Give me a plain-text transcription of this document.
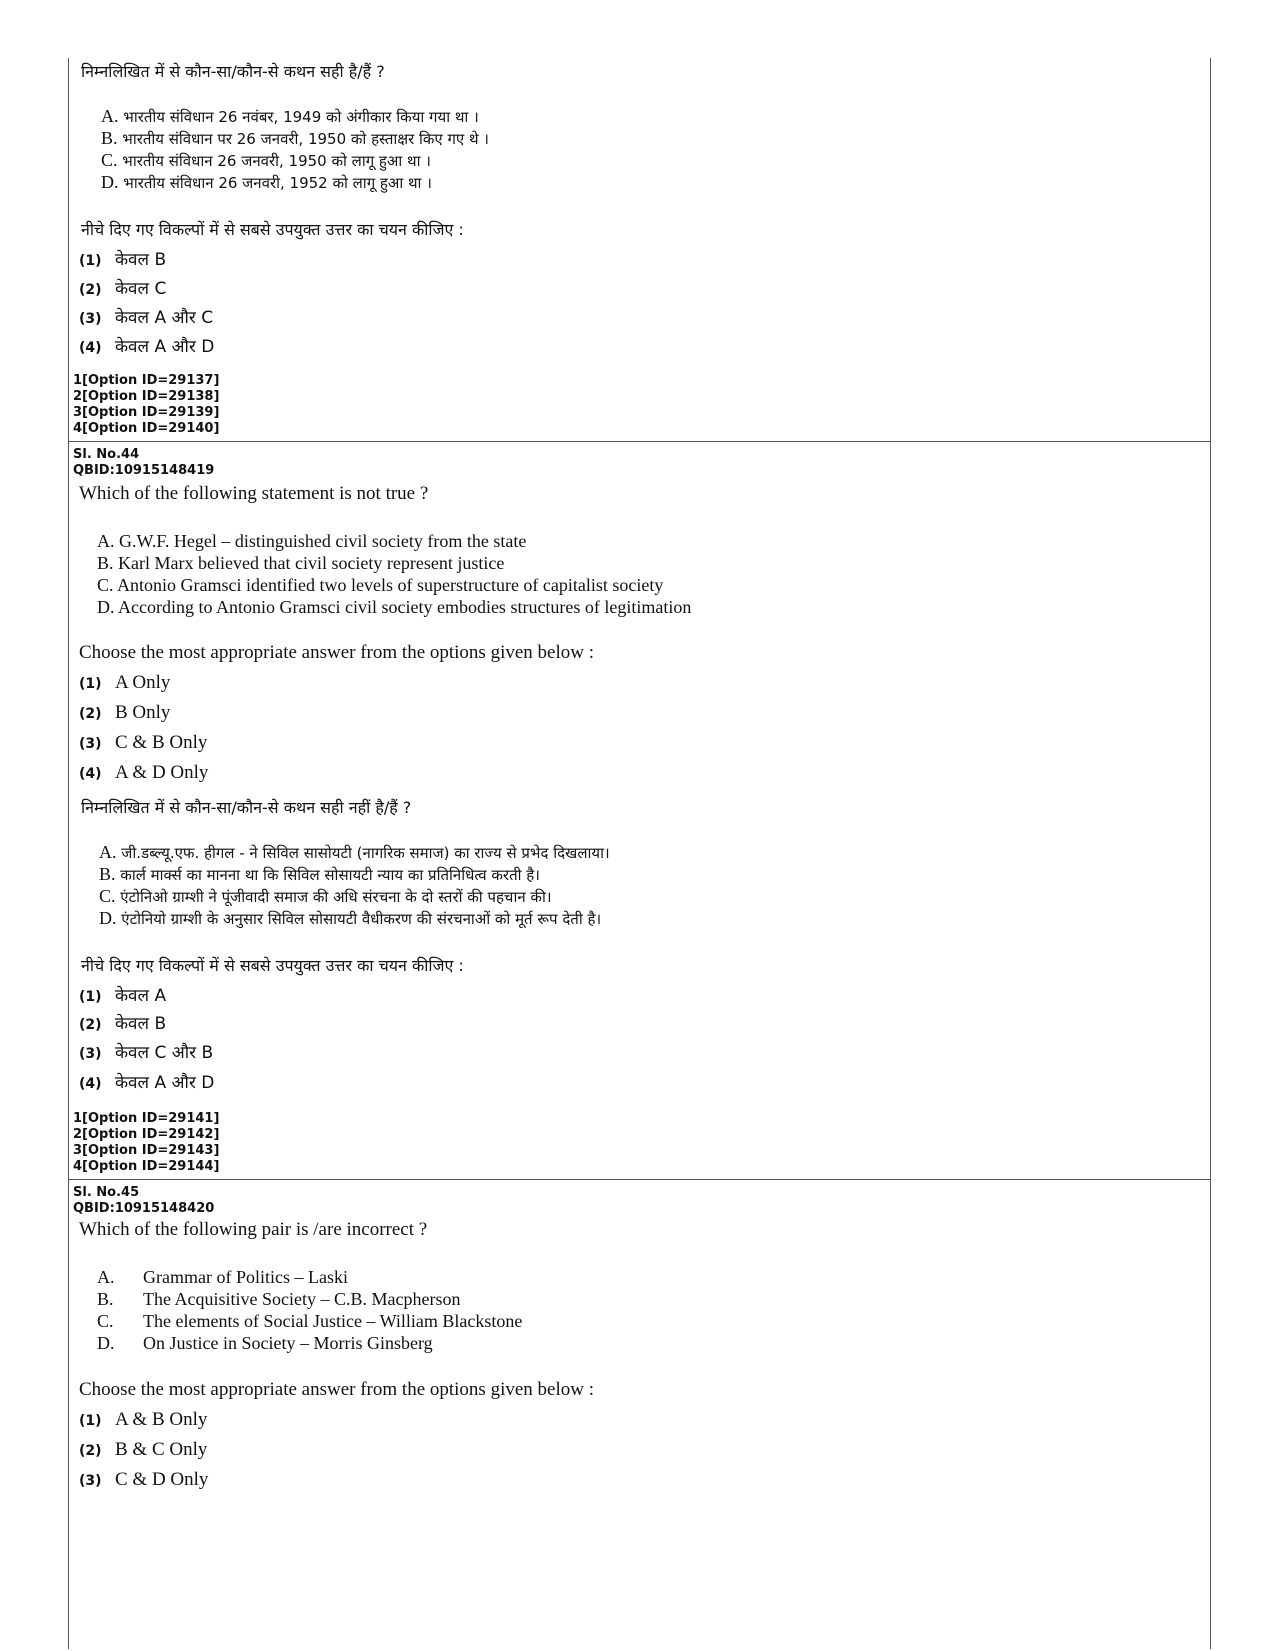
निम्नलिखित में से कौन-सा/कौन-से कथन सही है/हैं ?
A. भारतीय संविधान 26 नवंबर, 1949 को अंगीकार किया गया था ।
B. भारतीय संविधान पर 26 जनवरी, 1950 को हस्ताक्षर किए गए थे ।
C. भारतीय संविधान 26 जनवरी, 1950 को लागू हुआ था ।
D. भारतीय संविधान 26 जनवरी, 1952 को लागू हुआ था ।
नीचे दिए गए विकल्पों में से सबसे उपयुक्त उत्तर का चयन कीजिए :
(1) केवल B
(2) केवल C
(3) केवल A और C
(4) केवल A और D
1[Option ID=29137]
2[Option ID=29138]
3[Option ID=29139]
4[Option ID=29140]
Sl. No.44
QBID:10915148419
Which of the following statement is not true ?
A. G.W.F. Hegel – distinguished civil society from the state
B. Karl Marx believed that civil society represent justice
C. Antonio Gramsci identified two levels of superstructure of capitalist society
D. According to Antonio Gramsci civil society embodies structures of legitimation
Choose the most appropriate answer from the options given below :
(1) A Only
(2) B Only
(3) C & B Only
(4) A & D Only
निम्नलिखित में से कौन-सा/कौन-से कथन सही नहीं है/हैं ?
A. जी.डब्ल्यू.एफ. हीगल - ने सिविल सासोयटी (नागरिक समाज) का राज्य से प्रभेद दिखलाया।
B. कार्ल मार्क्स का मानना था कि सिविल सोसायटी न्याय का प्रतिनिधित्व करती है।
C. एंटोनिओ ग्राम्शी ने पूंजीवादी समाज की अधि संरचना के दो स्तरों की पहचान की।
D. एंटोनियो ग्राम्शी के अनुसार सिविल सोसायटी वैधीकरण की संरचनाओं को मूर्त रूप देती है।
नीचे दिए गए विकल्पों में से सबसे उपयुक्त उत्तर का चयन कीजिए :
(1) केवल A
(2) केवल B
(3) केवल C और B
(4) केवल A और D
1[Option ID=29141]
2[Option ID=29142]
3[Option ID=29143]
4[Option ID=29144]
Sl. No.45
QBID:10915148420
Which of the following pair is /are incorrect ?
A. Grammar of Politics – Laski
B. The Acquisitive Society – C.B. Macpherson
C. The elements of Social Justice – William Blackstone
D. On Justice in Society – Morris Ginsberg
Choose the most appropriate answer from the options given below :
(1) A & B Only
(2) B & C Only
(3) C & D Only
